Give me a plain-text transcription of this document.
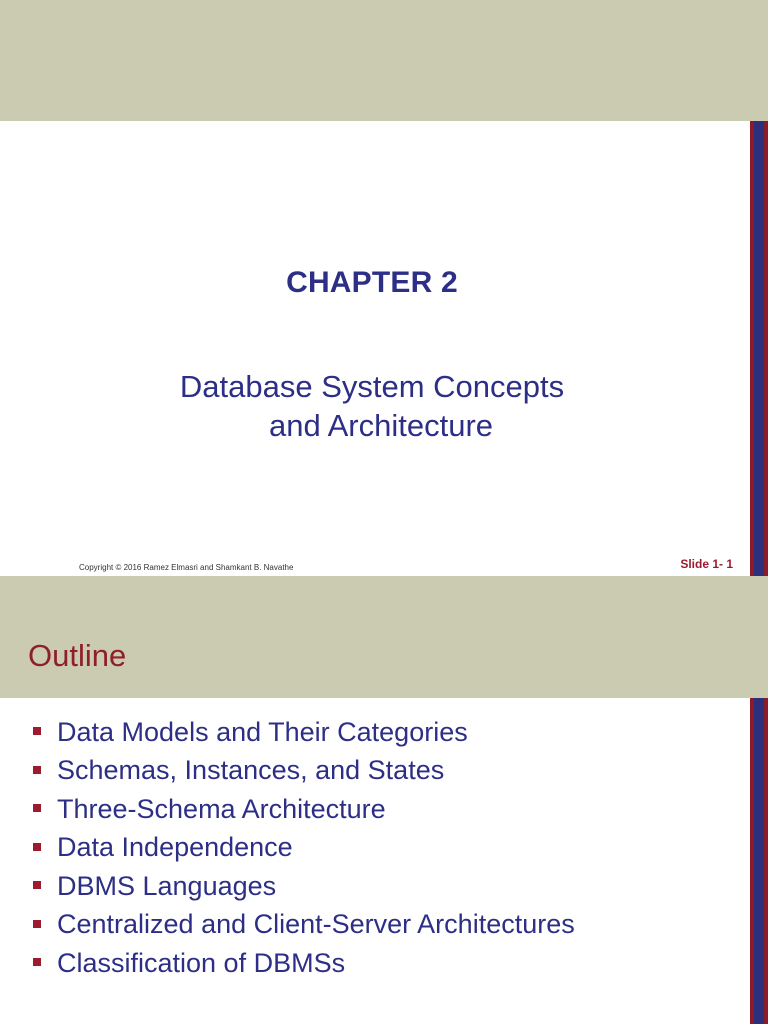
CHAPTER 2
Database System Concepts
and Architecture
Copyright © 2016 Ramez Elmasri and Shamkant B. Navathe	Slide 1- 1
Outline
Data Models and Their Categories
Schemas, Instances, and States
Three-Schema Architecture
Data Independence
DBMS Languages
Centralized and Client-Server Architectures
Classification of DBMSs
